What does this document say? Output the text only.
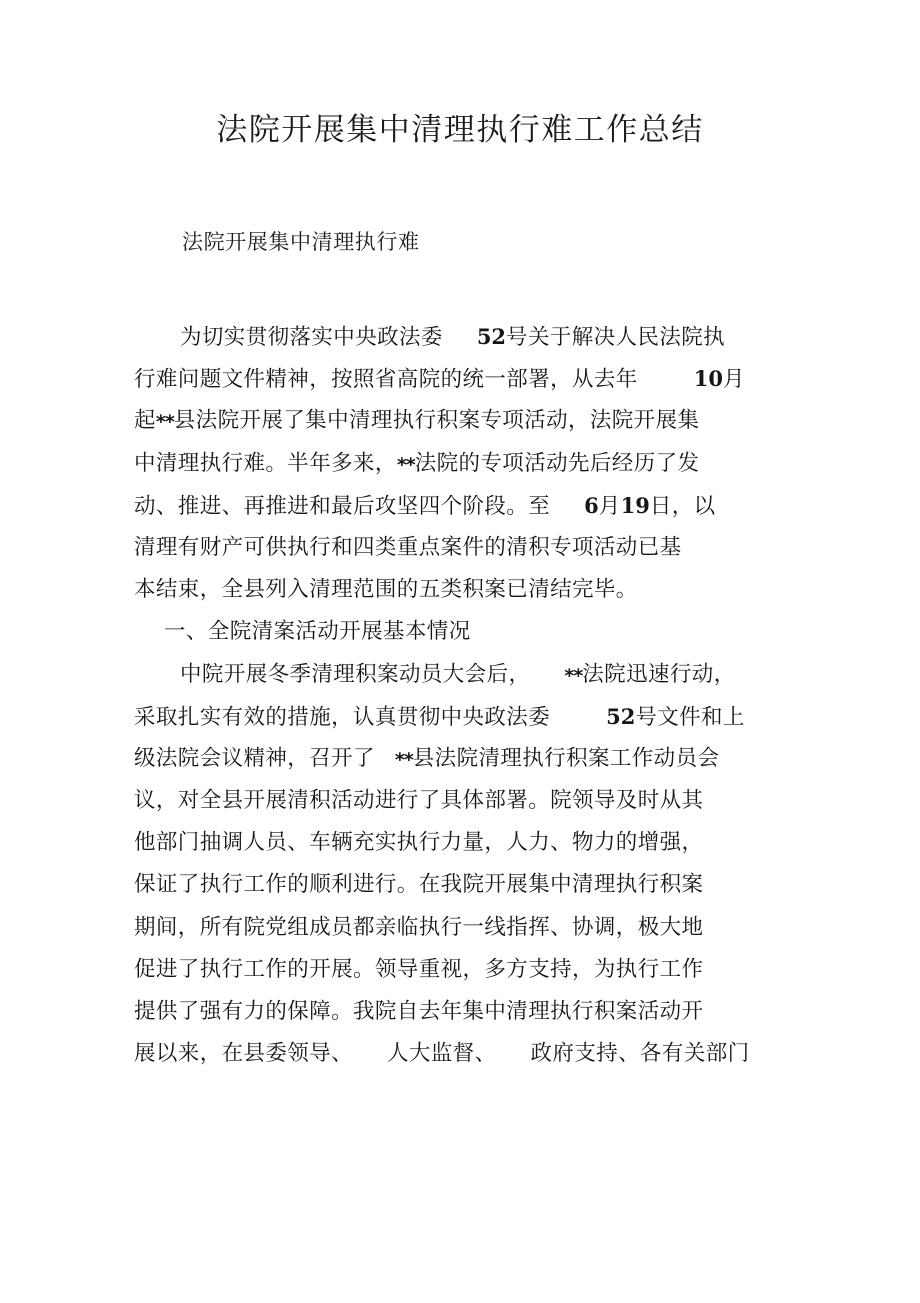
法院开展集中清理执行难工作总结
法院开展集中清理执行难
为切实贯彻落实中央政法委 52号关于解决人民法院执
行难问题文件精神，按照省高院的统一部署，从去年	10月
起**县法院开展了集中清理执行积案专项活动，法院开展集
中清理执行难。半年多来，**法院的专项活动先后经历了发
动、推进、再推进和最后攻坚四个阶段。至 6月19日，以
清理有财产可供执行和四类重点案件的清积专项活动已基
本结束，全县列入清理范围的五类积案已清结完毕。
一、全院清案活动开展基本情况
中院开展冬季清理积案动员大会后， **法院迅速行动，
采取扎实有效的措施，认真贯彻中央政法委	52号文件和上
级法院会议精神，召开了 **县法院清理执行积案工作动员会
议，对全县开展清积活动进行了具体部署。院领导及时从其
他部门抽调人员、车辆充实执行力量，人力、物力的增强，
保证了执行工作的顺利进行。在我院开展集中清理执行积案
期间，所有院党组成员都亲临执行一线指挥、协调，极大地
促进了执行工作的开展。领导重视，多方支持，为执行工作
提供了强有力的保障。我院自去年集中清理执行积案活动开
展以来，在县委领导、 人大监督、 政府支持、各有关部门
